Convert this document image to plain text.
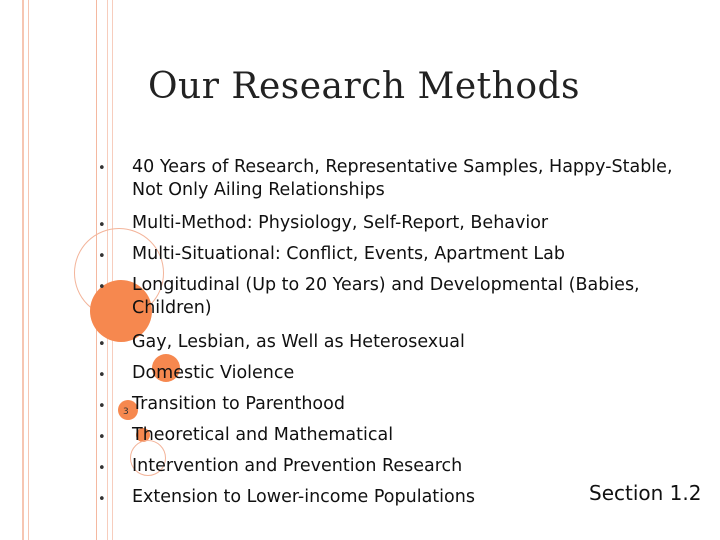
Our Research Methods
• 40 Years of Research, Representative Samples, Happy-Stable, Not Only Ailing Relationships
• Multi-Method: Physiology, Self-Report, Behavior
• Multi-Situational: Conflict, Events, Apartment Lab
• Longitudinal (Up to 20 Years) and Developmental (Babies, Children)
• Gay, Lesbian, as Well as Heterosexual
• Domestic Violence
• Transition to Parenthood
• Theoretical and Mathematical
• Intervention and Prevention Research
• Extension to Lower-income Populations
3
Section 1.2
